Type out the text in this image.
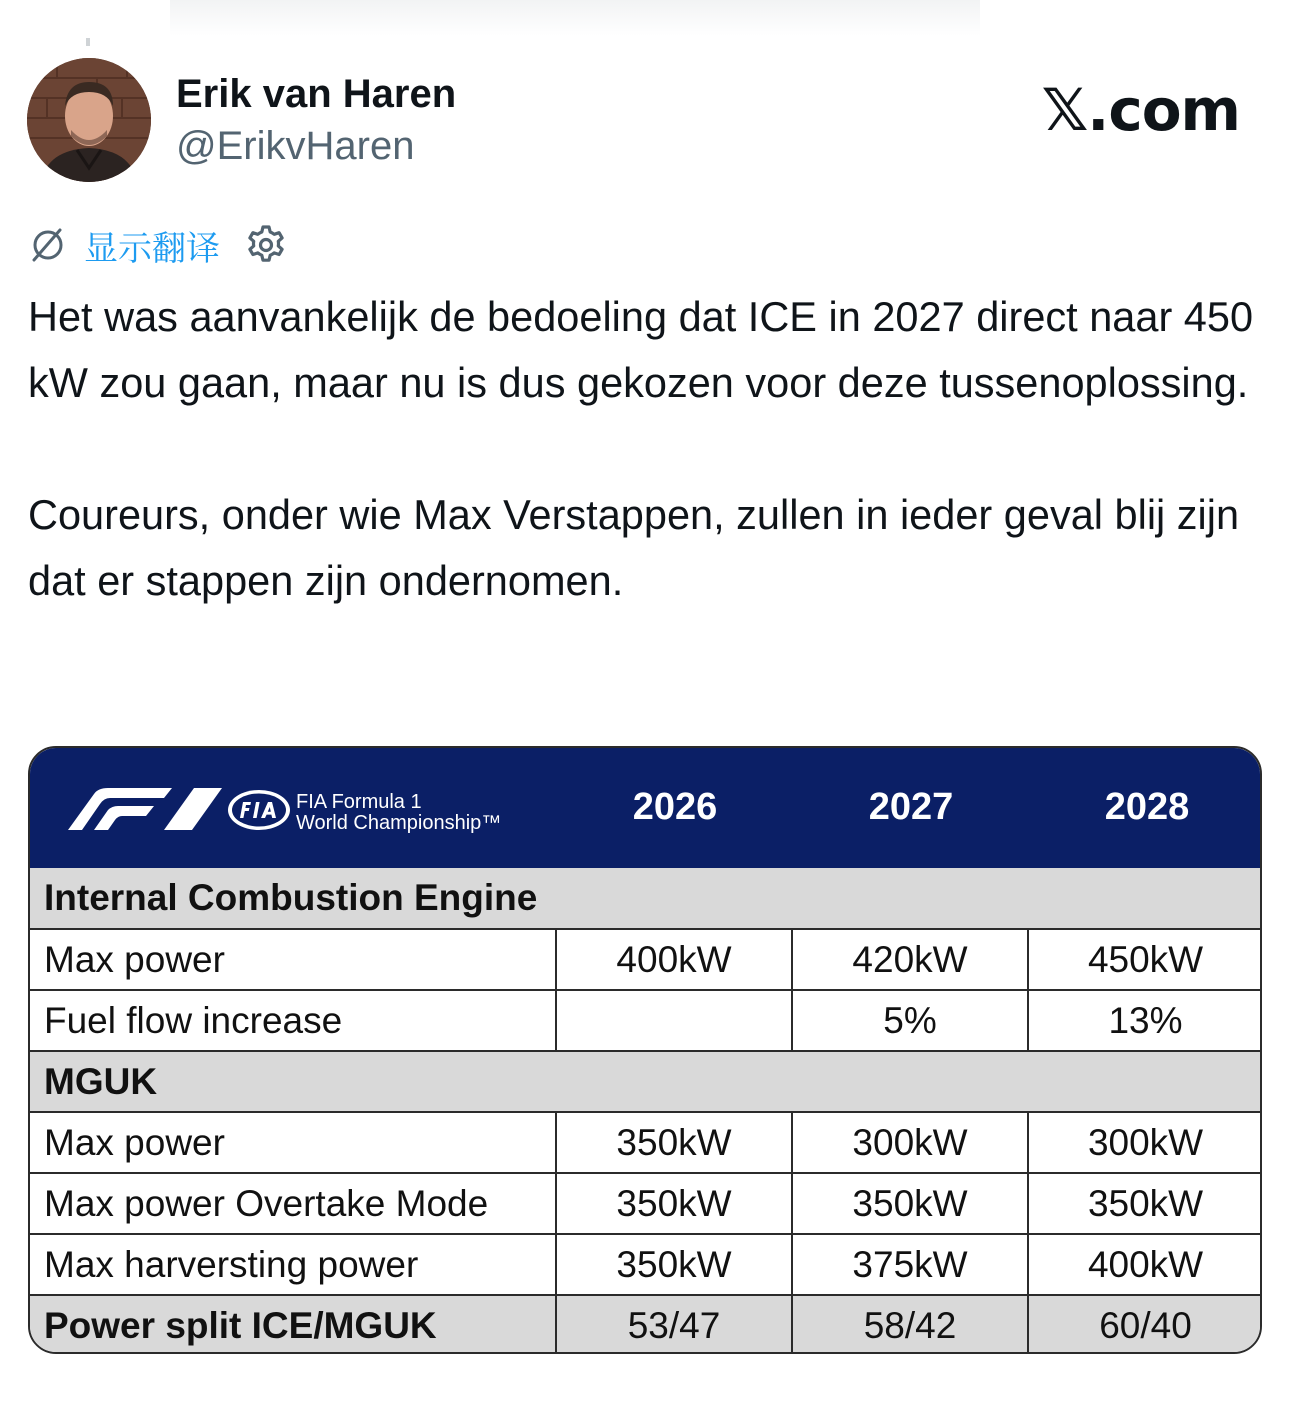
Erik van Haren
@ErikvHaren
𝕏.com
显示翻译

Het was aanvankelijk de bedoeling dat ICE in 2027 direct naar 450 kW zou gaan, maar nu is dus gekozen voor deze tussenoplossing.

Coureurs, onder wie Max Verstappen, zullen in ieder geval blij zijn dat er stappen zijn ondernomen.

FIA Formula 1
World Championship™	2026	2027	2028
Internal Combustion Engine			
Max power	400kW	420kW	450kW
Fuel flow increase		5%	13%
MGUK			
Max power	350kW	300kW	300kW
Max power Overtake Mode	350kW	350kW	350kW
Max harversting power	350kW	375kW	400kW
Power split ICE/MGUK	53/47	58/42	60/40
